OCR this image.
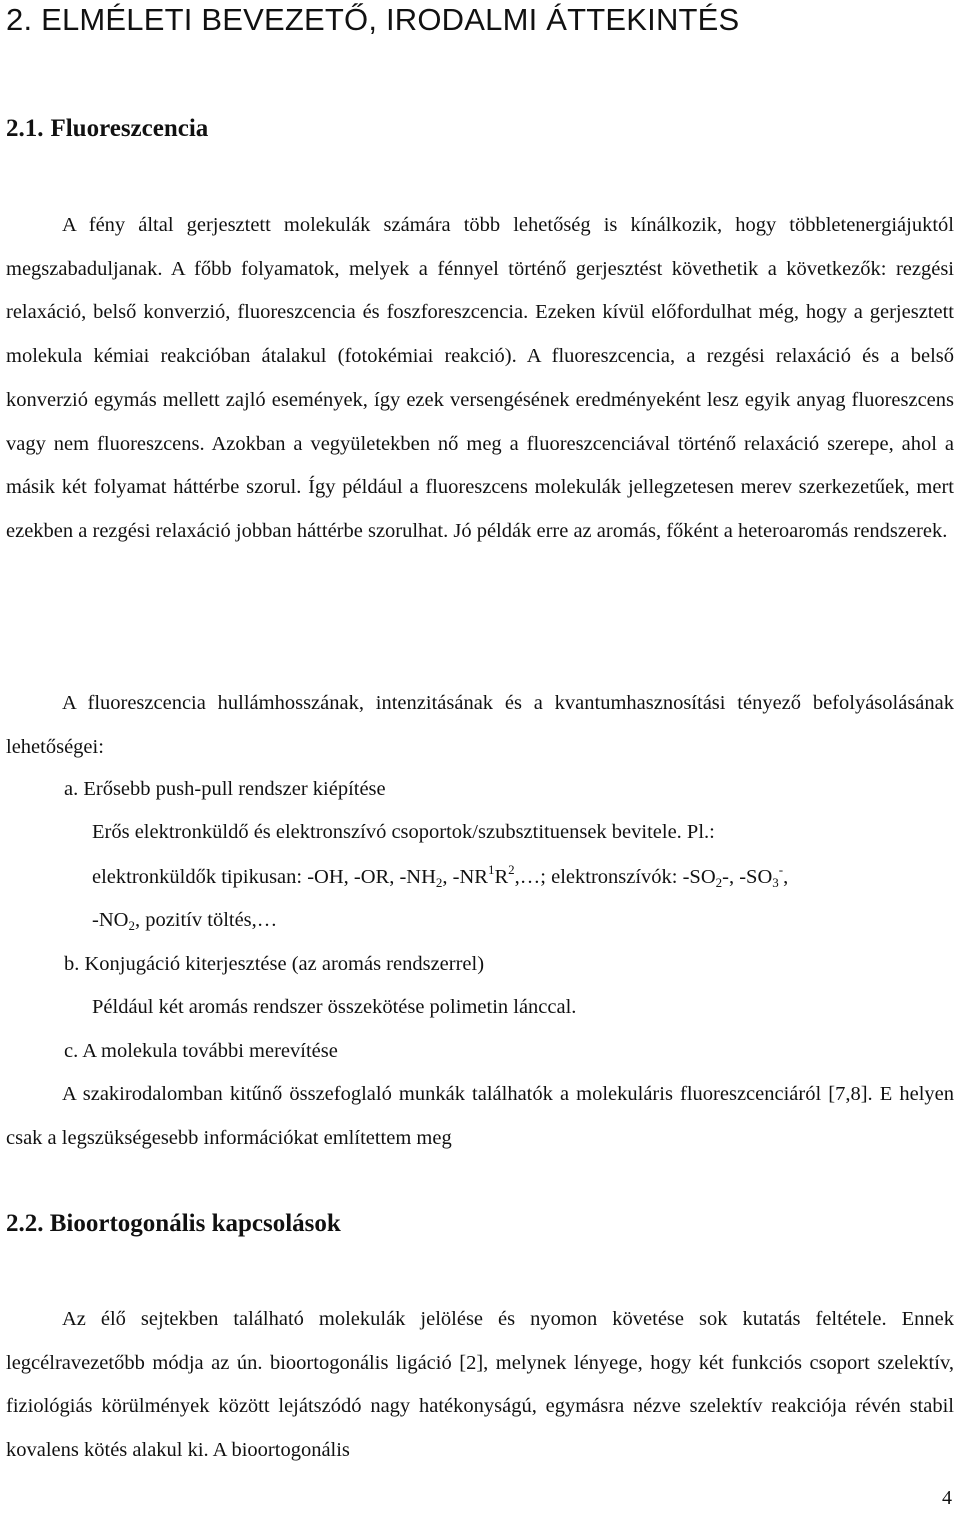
2. ELMÉLETI BEVEZETŐ, IRODALMI ÁTTEKINTÉS
2.1. Fluoreszcencia

A fény által gerjesztett molekulák számára több lehetőség is kínálkozik, hogy többletenergiájuktól megszabaduljanak. A főbb folyamatok, melyek a fénnyel történő gerjesztést követhetik a következők: rezgési relaxáció, belső konverzió, fluoreszcencia és foszforeszcencia. Ezeken kívül előfordulhat még, hogy a gerjesztett molekula kémiai reakcióban átalakul (fotokémiai reakció). A fluoreszcencia, a rezgési relaxáció és a belső konverzió egymás mellett zajló események, így ezek versengésének eredményeként lesz egyik anyag fluoreszcens vagy nem fluoreszcens. Azokban a vegyületekben nő meg a fluoreszcenciával történő relaxáció szerepe, ahol a másik két folyamat háttérbe szorul. Így például a fluoreszcens molekulák jellegzetesen merev szerkezetűek, mert ezekben a rezgési relaxáció jobban háttérbe szorulhat. Jó példák erre az aromás, főként a heteroaromás rendszerek.

A fluoreszcencia hullámhosszának, intenzitásának és a kvantumhasznosítási tényező befolyásolásának lehetőségei:

a. Erősebb push-pull rendszer kiépítése
Erős elektronküldő és elektronszívó csoportok/szubsztituensek bevitele. Pl.:
elektronküldők tipikusan: -OH, -OR, $-NH_2$, $-NR^1R^2,\dots$; elektronszívók: $-SO_2-$, $-SO_3^-$,
$-NO_2$, pozitív töltés,…
b. Konjugáció kiterjesztése (az aromás rendszerrel)
Például két aromás rendszer összekötése polimetin lánccal.
c. A molekula további merevítése

A szakirodalomban kitűnő összefoglaló munkák találhatók a molekuláris fluoreszcenciáról [7,8]. E helyen csak a legszükségesebb információkat említettem meg

2.2. Bioortogonális kapcsolások

Az élő sejtekben található molekulák jelölése és nyomon követése sok kutatás feltétele. Ennek legcélravezetőbb módja az ún. bioortogonális ligáció [2], melynek lényege, hogy két funkciós csoport szelektív, fiziológiás körülmények között lejátszódó nagy hatékonyságú, egymásra nézve szelektív reakciója révén stabil kovalens kötés alakul ki. A bioortogonális

4
